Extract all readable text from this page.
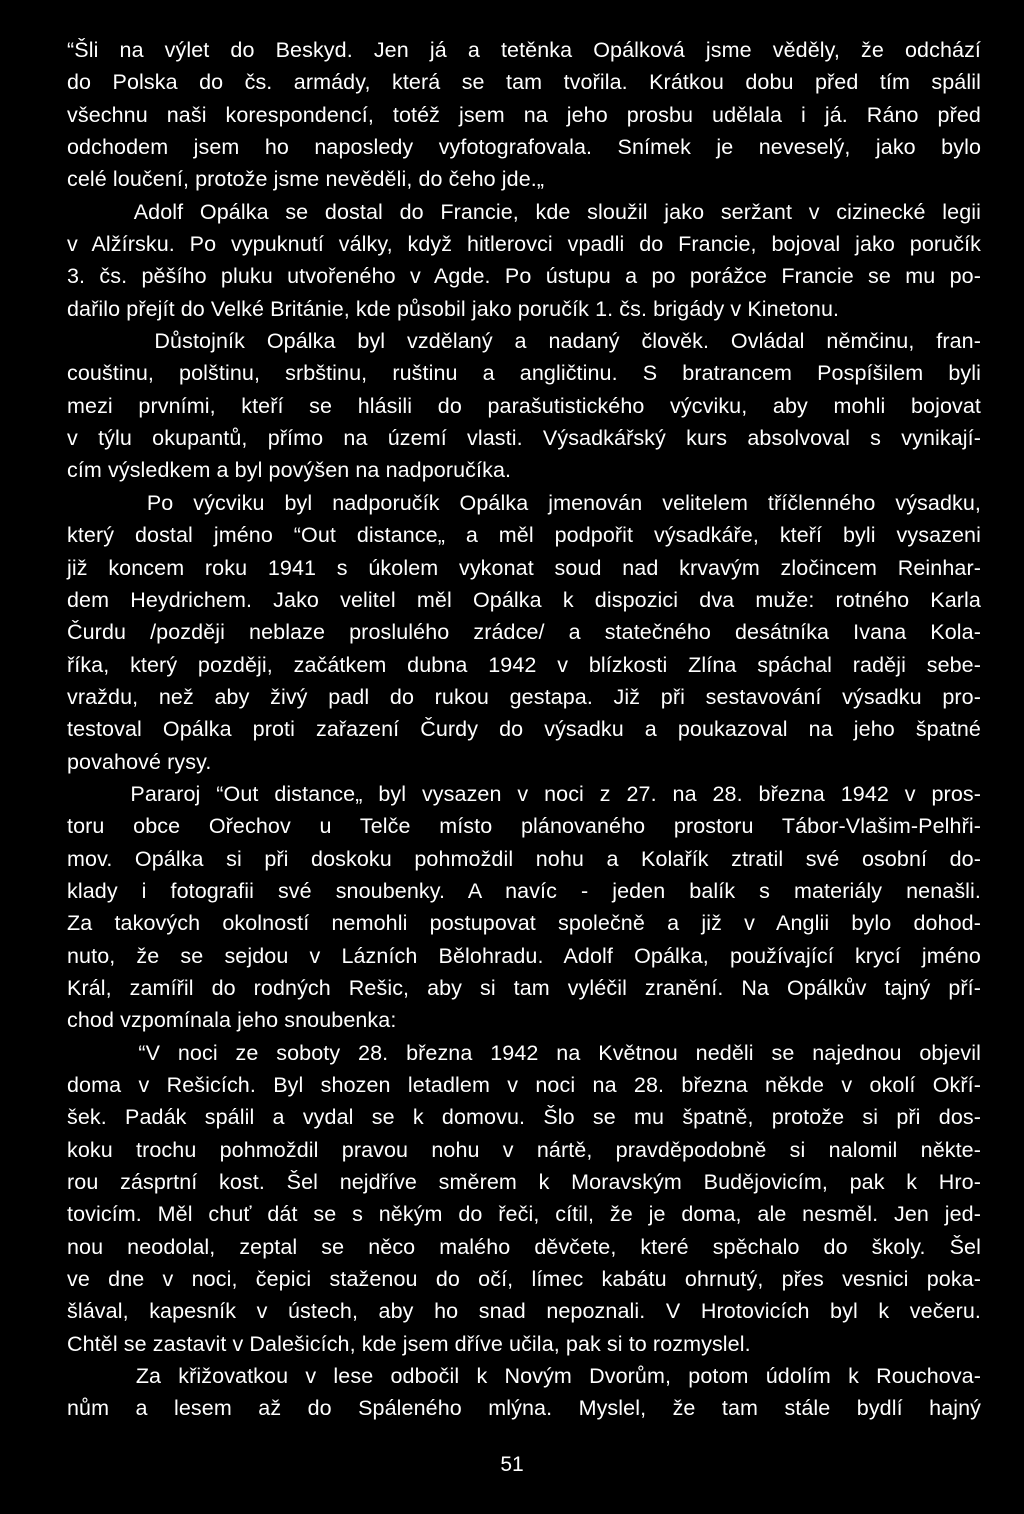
“Šli na výlet do Beskyd. Jen já a tetěnka Opálková jsme věděly, že odchází
do Polska do čs. armády, která se tam tvořila. Krátkou dobu před tím spálil
všechnu naši korespondencí, totéž jsem na jeho prosbu udělala i já. Ráno před
odchodem jsem ho naposledy vyfotografovala. Snímek je neveselý, jako bylo
celé loučení, protože jsme nevěděli, do čeho jde.„
Adolf Opálka se dostal do Francie, kde sloužil jako seržant v cizinecké legii
v Alžírsku. Po vypuknutí války, když hitlerovci vpadli do Francie, bojoval jako poručík
3. čs. pěšího pluku utvořeného v Agde. Po ústupu a po porážce Francie se mu po-
dařilo přejít do Velké Británie, kde působil jako poručík 1. čs. brigády v Kinetonu.
Důstojník Opálka byl vzdělaný a nadaný člověk. Ovládal němčinu, fran-
couštinu, polštinu, srbštinu, ruštinu a angličtinu. S bratrancem Pospíšilem byli
mezi prvními, kteří se hlásili do parašutistického výcviku, aby mohli bojovat
v týlu okupantů, přímo na území vlasti. Výsadkářský kurs absolvoval s vynikají-
cím výsledkem a byl povýšen na nadporučíka.
Po výcviku byl nadporučík Opálka jmenován velitelem tříčlenného výsadku,
který dostal jméno “Out distance„ a měl podpořit výsadkáře, kteří byli vysazeni
již koncem roku 1941 s úkolem vykonat soud nad krvavým zločincem Reinhar-
dem Heydrichem. Jako velitel měl Opálka k dispozici dva muže: rotného Karla
Čurdu /později neblaze proslulého zrádce/ a statečného desátníka Ivana Kola-
říka, který později, začátkem dubna 1942 v blízkosti Zlína spáchal raději sebe-
vraždu, než aby živý padl do rukou gestapa. Již při sestavování výsadku pro-
testoval Opálka proti zařazení Čurdy do výsadku a poukazoval na jeho špatné
povahové rysy.
Pararoj “Out distance„ byl vysazen v noci z 27. na 28. března 1942 v pros-
toru obce Ořechov u Telče místo plánovaného prostoru Tábor-Vlašim-Pelhři-
mov. Opálka si při doskoku pohmoždil nohu a Kolařík ztratil své osobní do-
klady i fotografii své snoubenky. A navíc - jeden balík s materiály nenašli.
Za takových okolností nemohli postupovat společně a již v Anglii bylo dohod-
nuto, že se sejdou v Lázních Bělohradu. Adolf Opálka, používající krycí jméno
Král, zamířil do rodných Rešic, aby si tam vyléčil zranění. Na Opálkův tajný pří-
chod vzpomínala jeho snoubenka:
“V noci ze soboty 28. března 1942 na Květnou neděli se najednou objevil
doma v Rešicích. Byl shozen letadlem v noci na 28. března někde v okolí Okří-
šek. Padák spálil a vydal se k domovu. Šlo se mu špatně, protože si při dos-
koku trochu pohmoždil pravou nohu v nártě, pravděpodobně si nalomil někte-
rou zásprtní kost. Šel nejdříve směrem k Moravským Budějovicím, pak k Hro-
tovicím. Měl chuť dát se s někým do řeči, cítil, že je doma, ale nesměl. Jen jed-
nou neodolal, zeptal se něco malého děvčete, které spěchalo do školy. Šel
ve dne v noci, čepici staženou do očí, límec kabátu ohrnutý, přes vesnici poka-
šlával, kapesník v ústech, aby ho snad nepoznali. V Hrotovicích byl k večeru.
Chtěl se zastavit v Dalešicích, kde jsem dříve učila, pak si to rozmyslel.
Za křižovatkou v lese odbočil k Novým Dvorům, potom údolím k Rouchova-
nům a lesem až do Spáleného mlýna. Myslel, že tam stále bydlí hajný
51
